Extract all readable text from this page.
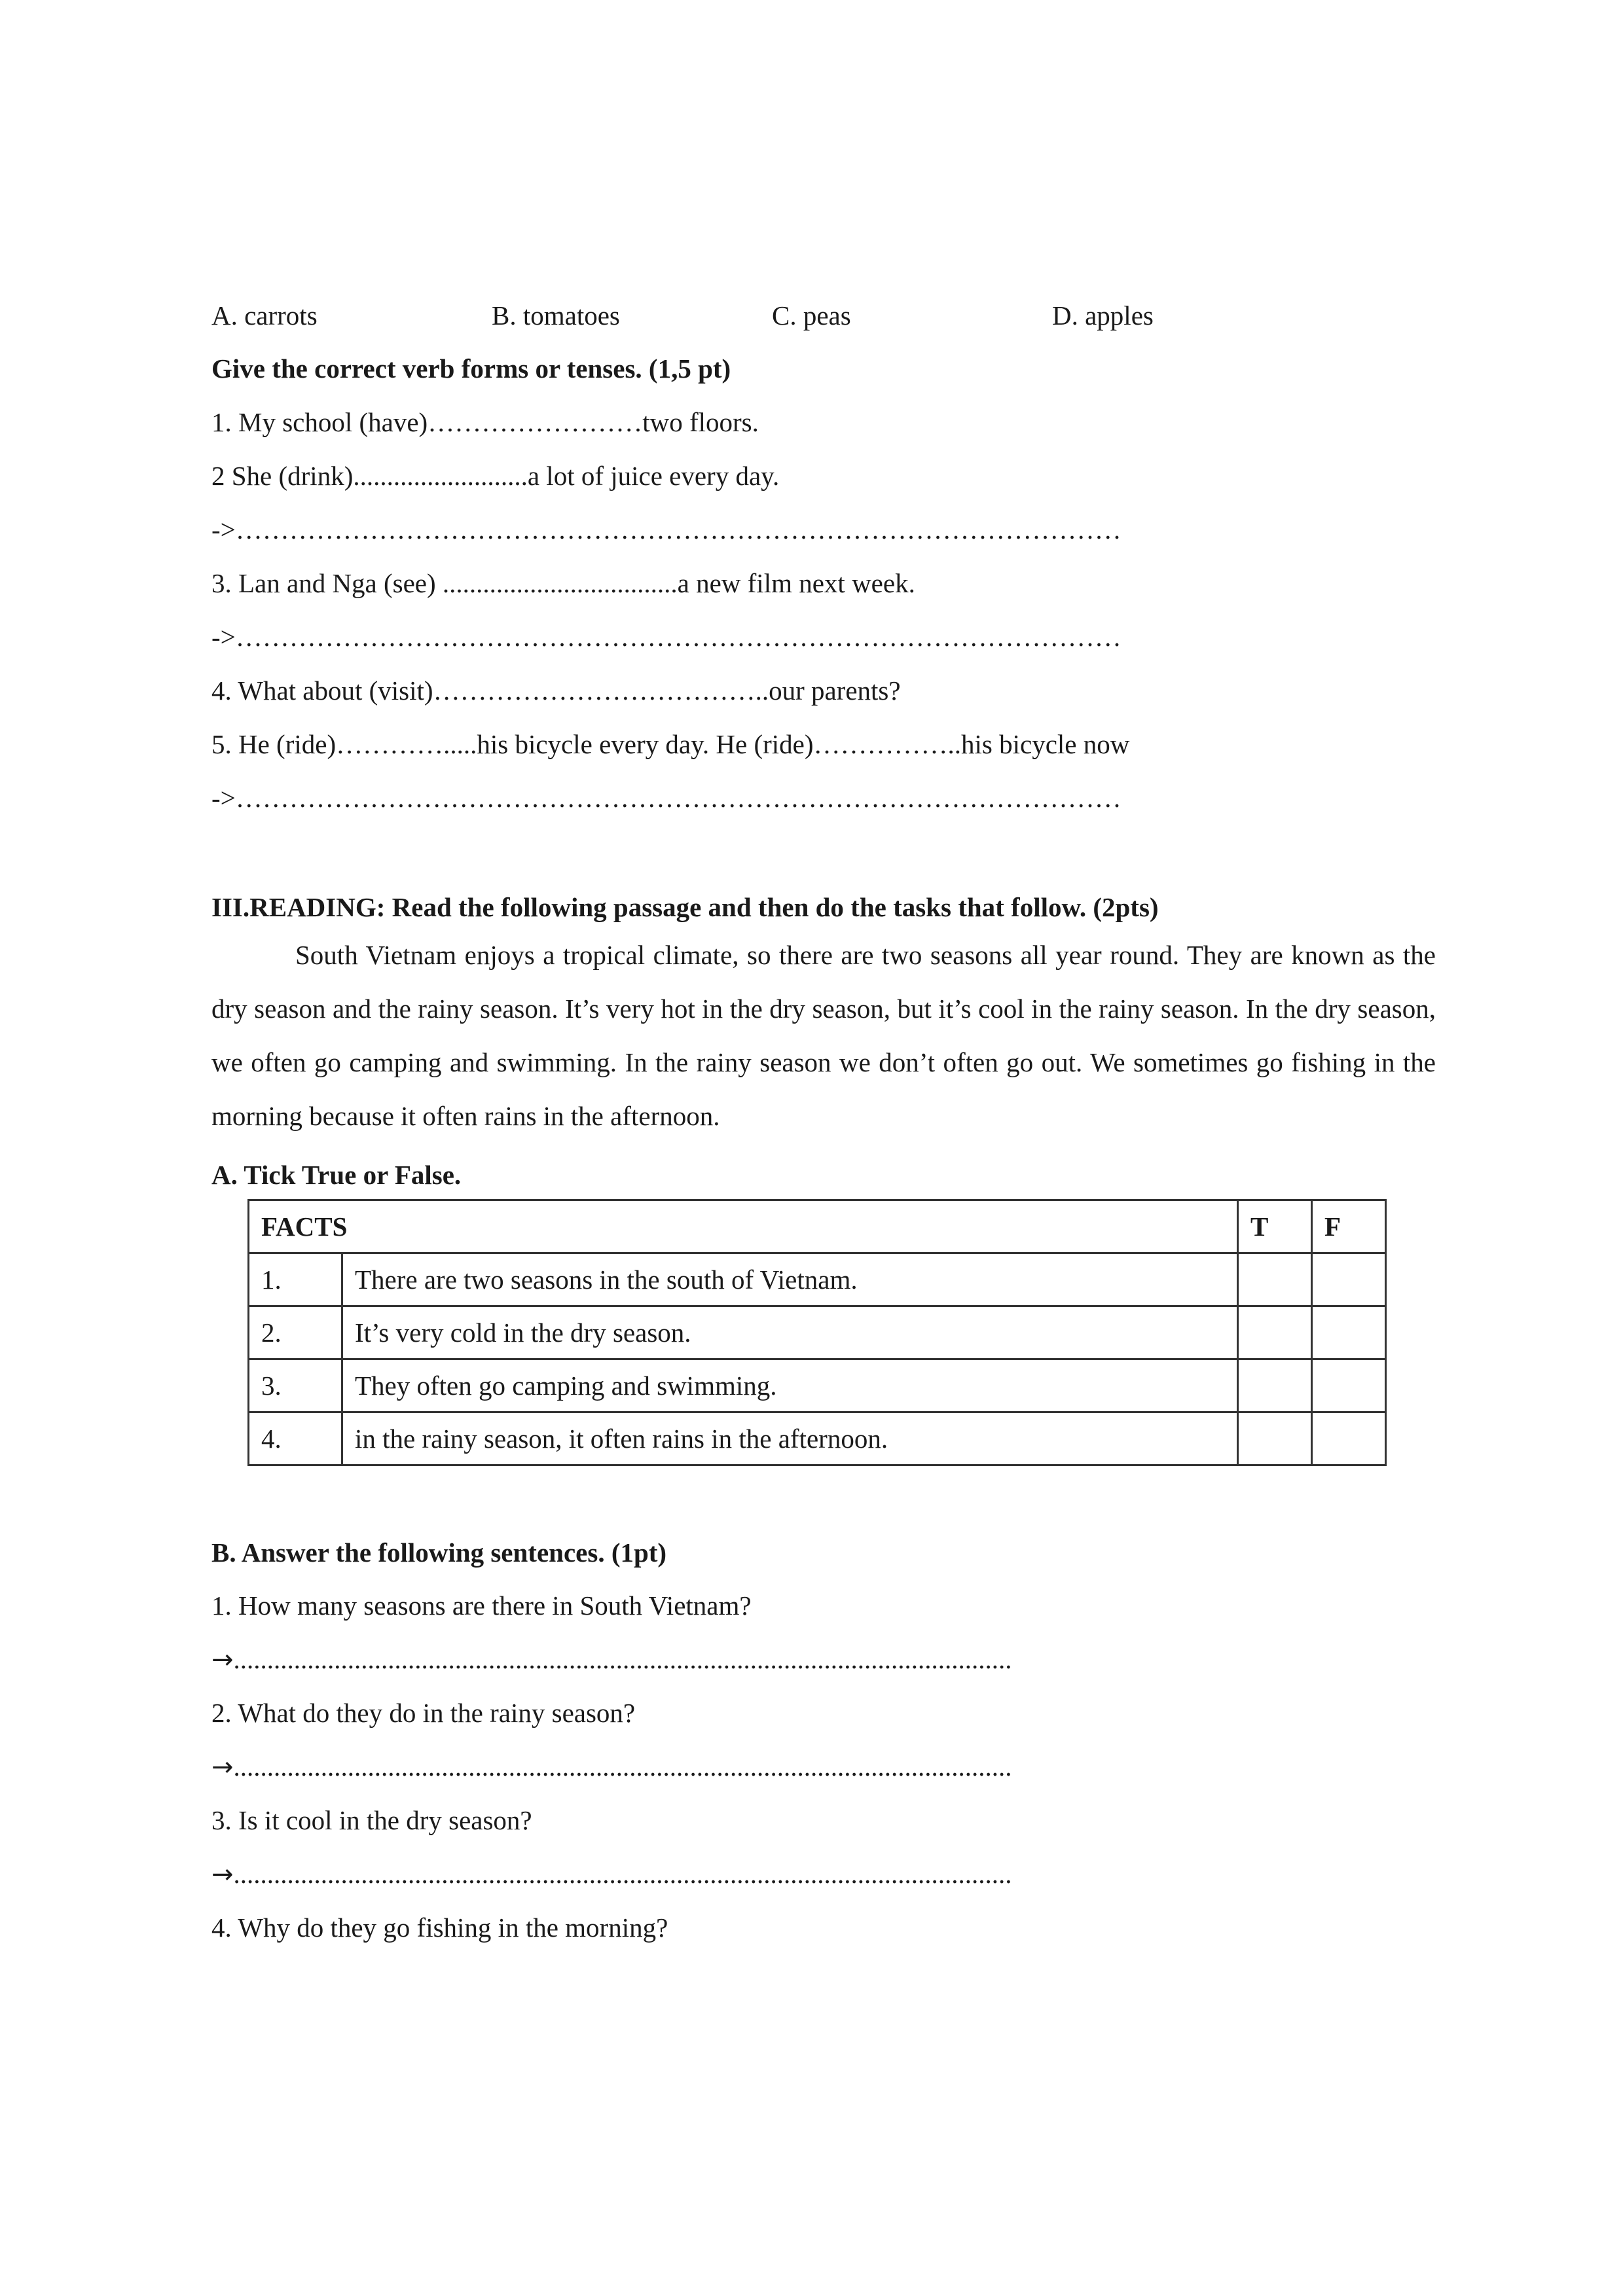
A. carrots	B. tomatoes	C. peas	D. apples
Give the correct verb forms or tenses. (1,5 pt)
1. My school (have)……………………two floors.
2 She (drink)..........................a lot of juice every day.
->………………………………………………………………………………………
3. Lan and Nga (see) ...................................a new film next week.
->………………………………………………………………………………………
4. What about (visit)………………………………..our parents?
5. He (ride)………….....his bicycle every day. He (ride)……………..his bicycle now
->………………………………………………………………………………………
III.READING: Read the following passage and then do the tasks that follow. (2pts)
South Vietnam enjoys a tropical climate, so there are two seasons all year round. They are known as the dry season and the rainy season. It’s very hot in the dry season, but it’s cool in the rainy season. In the dry season, we often go camping and swimming. In the rainy season we don’t often go out. We sometimes go fishing in the morning because it often rains in the afternoon.
A. Tick True or False.
FACTS		T	F
1.	There are two seasons in the south of Vietnam.		
2.	It’s very cold in the dry season.		
3.	They often go camping and swimming.		
4.	in the rainy season, it often rains in the afternoon.		
B. Answer the following sentences. (1pt)
1. How many seasons are there in South Vietnam?
→....................................................................................................................
2. What do they do in the rainy season?
→....................................................................................................................
3. Is it cool in the dry season?
→....................................................................................................................
4. Why do they go fishing in the morning?
